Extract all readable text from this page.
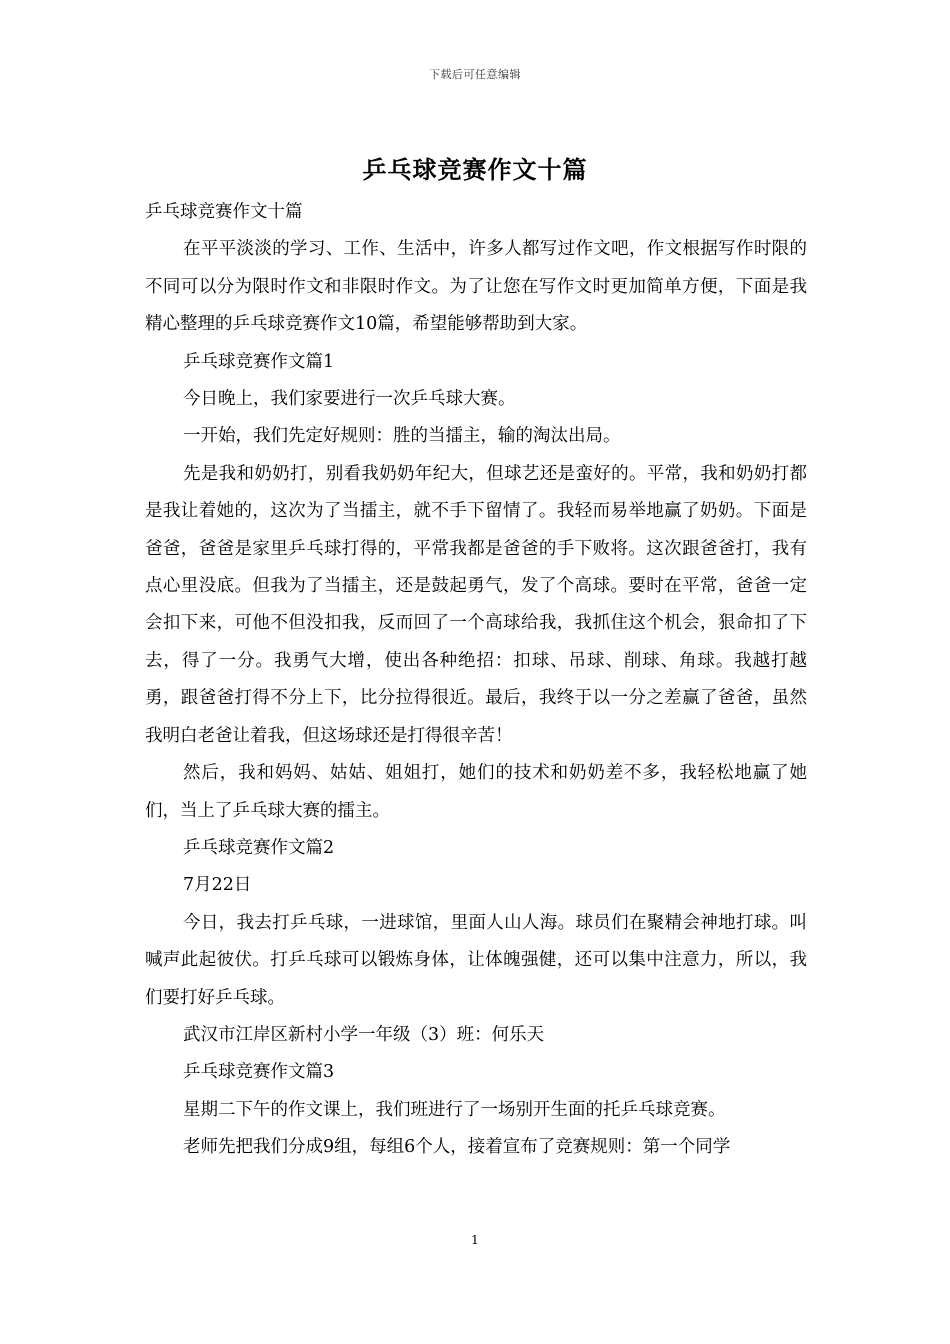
下载后可任意编辑
乒乓球竞赛作文十篇

乒乓球竞赛作文十篇

在平平淡淡的学习、工作、生活中，许多人都写过作文吧，作文根据写作时限的不同可以分为限时作文和非限时作文。为了让您在写作文时更加简单方便，下面是我精心整理的乒乓球竞赛作文10篇，希望能够帮助到大家。

乒乓球竞赛作文篇1

今日晚上，我们家要进行一次乒乓球大赛。

一开始，我们先定好规则：胜的当擂主，输的淘汰出局。

先是我和奶奶打，别看我奶奶年纪大，但球艺还是蛮好的。平常，我和奶奶打都是我让着她的，这次为了当擂主，就不手下留情了。我轻而易举地赢了奶奶。下面是爸爸，爸爸是家里乒乓球打得的，平常我都是爸爸的手下败将。这次跟爸爸打，我有点心里没底。但我为了当擂主，还是鼓起勇气，发了个高球。要时在平常，爸爸一定会扣下来，可他不但没扣我，反而回了一个高球给我，我抓住这个机会，狠命扣了下去，得了一分。我勇气大增，使出各种绝招：扣球、吊球、削球、角球。我越打越勇，跟爸爸打得不分上下，比分拉得很近。最后，我终于以一分之差赢了爸爸，虽然我明白老爸让着我，但这场球还是打得很辛苦！

然后，我和妈妈、姑姑、姐姐打，她们的技术和奶奶差不多，我轻松地赢了她们，当上了乒乓球大赛的擂主。

乒乓球竞赛作文篇2

7月22日

今日，我去打乒乓球，一进球馆，里面人山人海。球员们在聚精会神地打球。叫喊声此起彼伏。打乒乓球可以锻炼身体，让体魄强健，还可以集中注意力，所以，我们要打好乒乓球。

武汉市江岸区新村小学一年级（3）班：何乐天

乒乓球竞赛作文篇3

星期二下午的作文课上，我们班进行了一场别开生面的托乒乓球竞赛。

老师先把我们分成9组，每组6个人，接着宣布了竞赛规则：第一个同学

1
